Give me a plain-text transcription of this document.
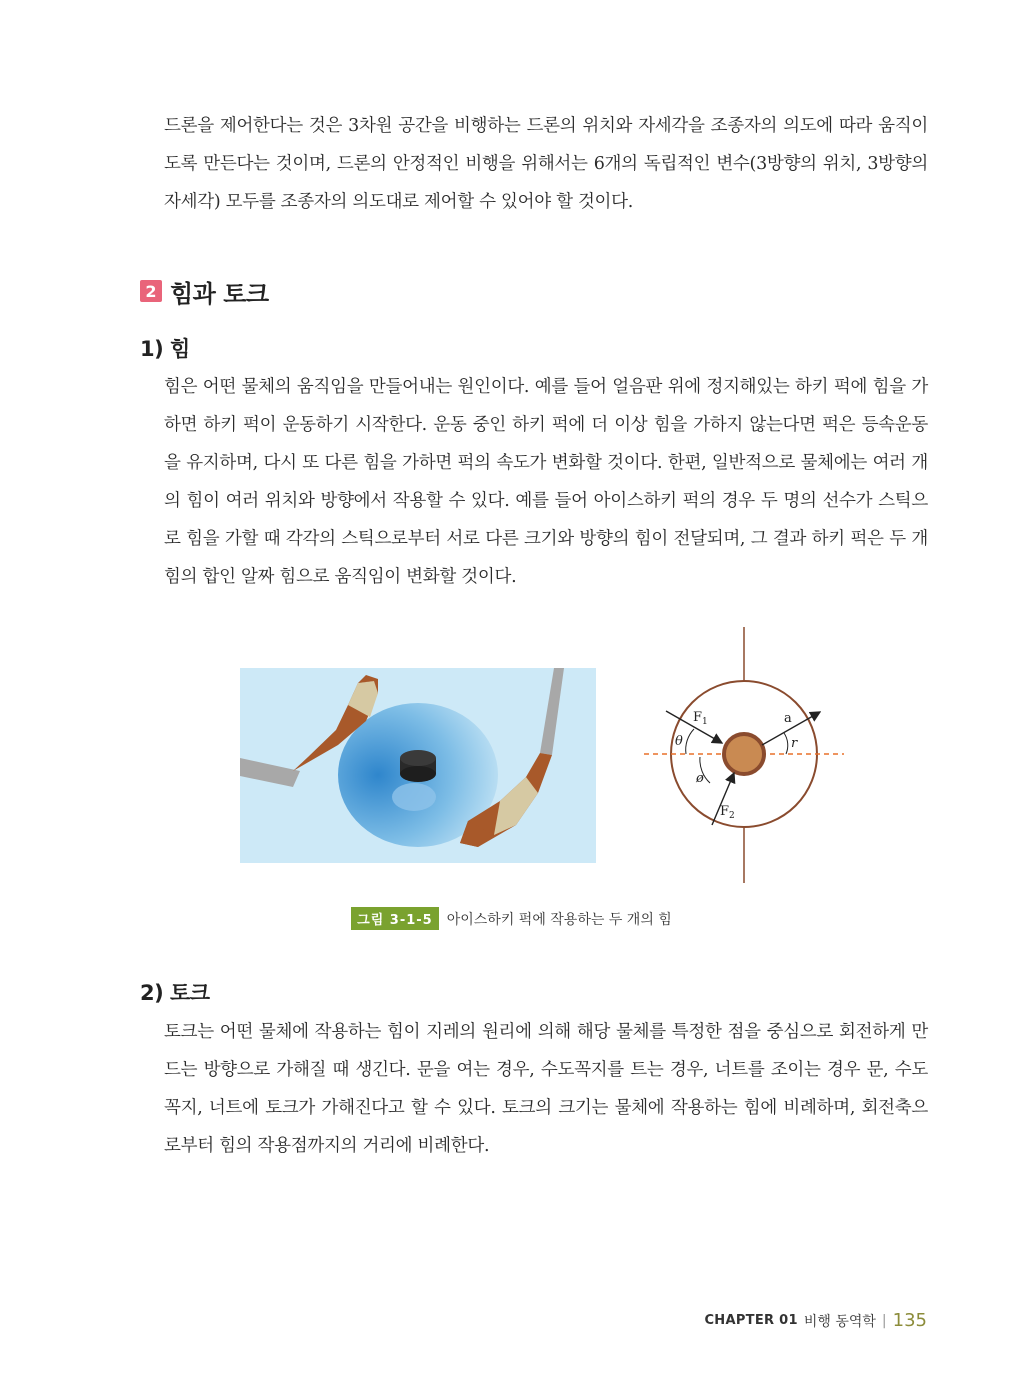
드론을 제어한다는 것은 3차원 공간을 비행하는 드론의 위치와 자세각을 조종자의 의도에 따라 움직이도록 만든다는 것이며, 드론의 안정적인 비행을 위해서는 6개의 독립적인 변수(3방향의 위치, 3방향의 자세각) 모두를 조종자의 의도대로 제어할 수 있어야 할 것이다.

2 힘과 토크
1) 힘

힘은 어떤 물체의 움직임을 만들어내는 원인이다. 예를 들어 얼음판 위에 정지해있는 하키 퍽에 힘을 가하면 하키 퍽이 운동하기 시작한다. 운동 중인 하키 퍽에 더 이상 힘을 가하지 않는다면 퍽은 등속운동을 유지하며, 다시 또 다른 힘을 가하면 퍽의 속도가 변화할 것이다. 한편, 일반적으로 물체에는 여러 개의 힘이 여러 위치와 방향에서 작용할 수 있다. 예를 들어 아이스하키 퍽의 경우 두 명의 선수가 스틱으로 힘을 가할 때 각각의 스틱으로부터 서로 다른 크기와 방향의 힘이 전달되며, 그 결과 하키 퍽은 두 개 힘의 합인 알짜 힘으로 움직임이 변화할 것이다.

$F_1$	a
θ	r
ø
$F_2$
그림 3-1-5	아이스하키 퍽에 작용하는 두 개의 힘
2) 토크

토크는 어떤 물체에 작용하는 힘이 지레의 원리에 의해 해당 물체를 특정한 점을 중심으로 회전하게 만드는 방향으로 가해질 때 생긴다. 문을 여는 경우, 수도꼭지를 트는 경우, 너트를 조이는 경우 문, 수도꼭지, 너트에 토크가 가해진다고 할 수 있다. 토크의 크기는 물체에 작용하는 힘에 비례하며, 회전축으로부터 힘의 작용점까지의 거리에 비례한다.

CHAPTER 01 비행 동역학 | 135
